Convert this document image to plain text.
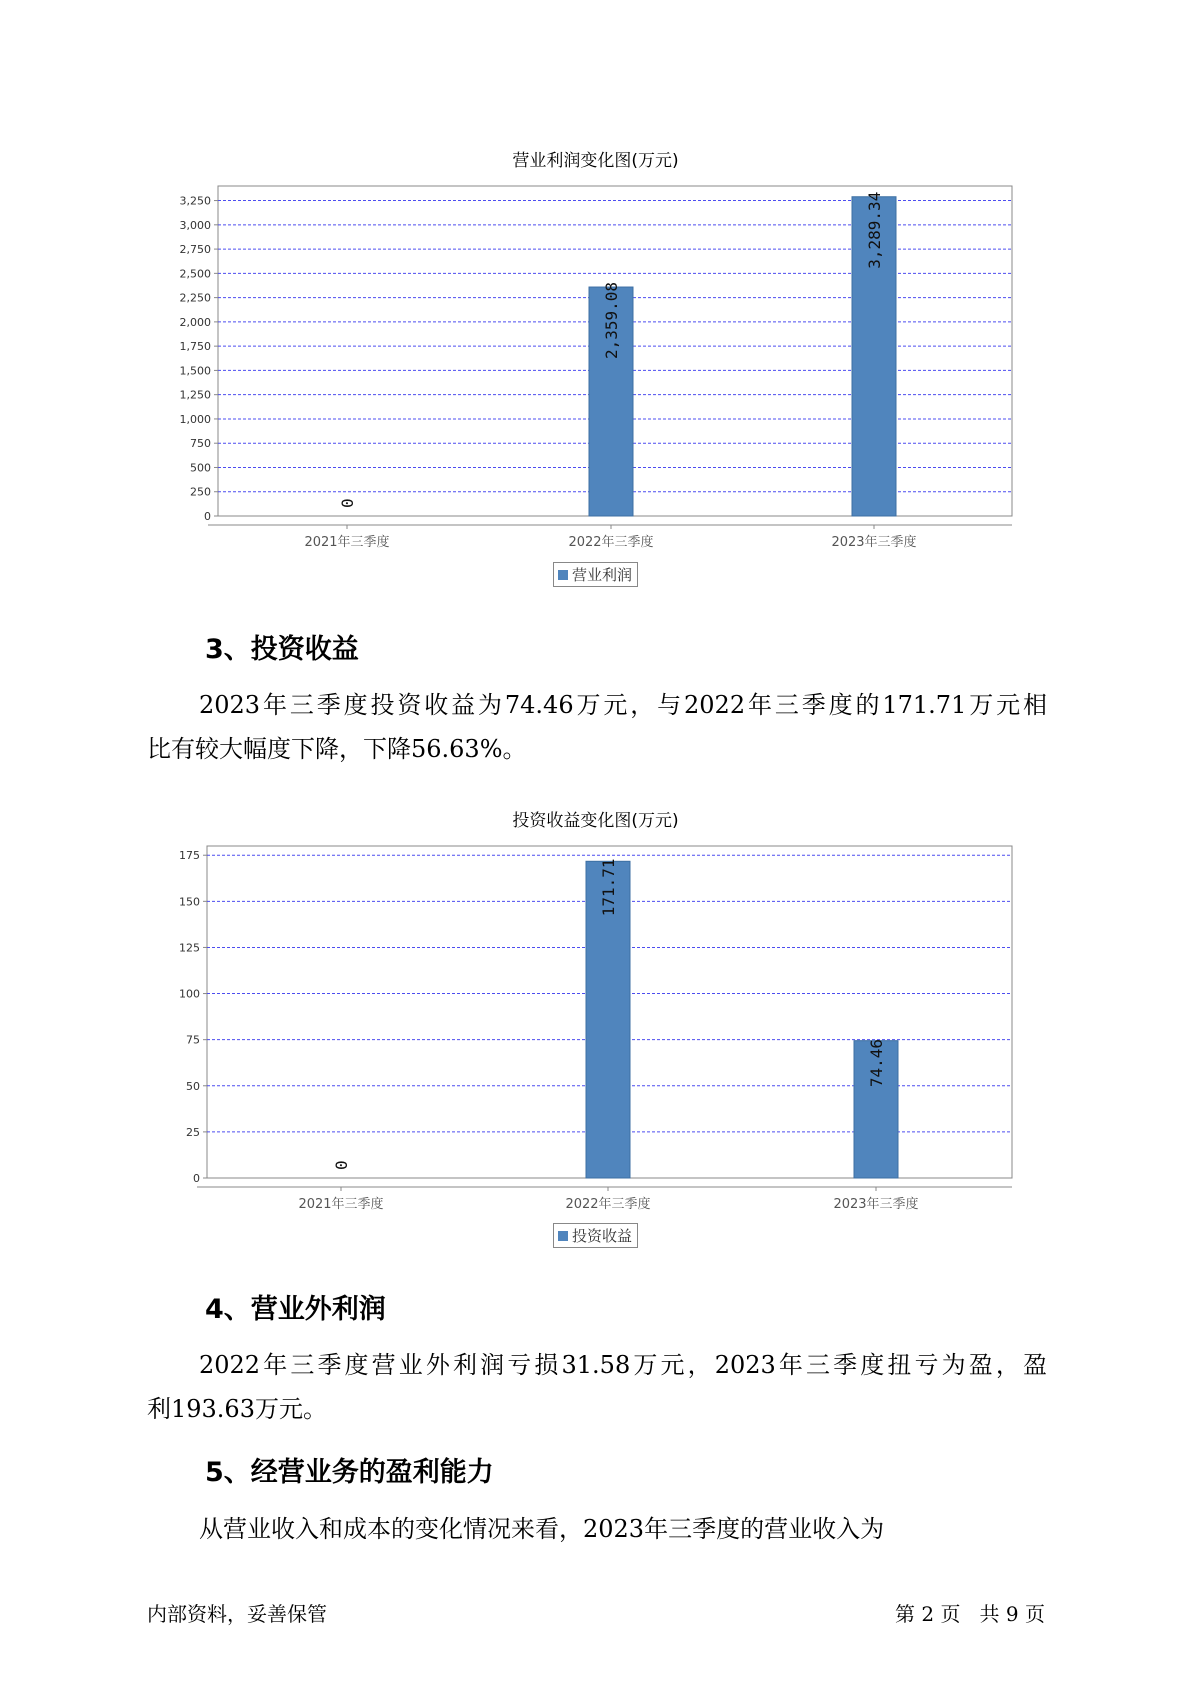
营业利润变化图(万元)
0
250
500
750
1,000
1,250
1,500
1,750
2,000
2,250
2,500
2,750
3,000
3,250
2021年三季度	2022年三季度	2023年三季度
0
2,359.08
3,289.34
营业利润
3、投资收益
2023年三季度投资收益为74.46万元，与2022年三季度的171.71万元相
比有较大幅度下降，下降56.63%。
投资收益变化图(万元)
0
25
50
75
100
125
150
175
2021年三季度	2022年三季度	2023年三季度
0
171.71
74.46
投资收益
4、营业外利润
2022年三季度营业外利润亏损31.58万元，2023年三季度扭亏为盈，盈
利193.63万元。
5、经营业务的盈利能力
从营业收入和成本的变化情况来看，2023年三季度的营业收入为
内部资料，妥善保管	第 2 页   共 9 页
